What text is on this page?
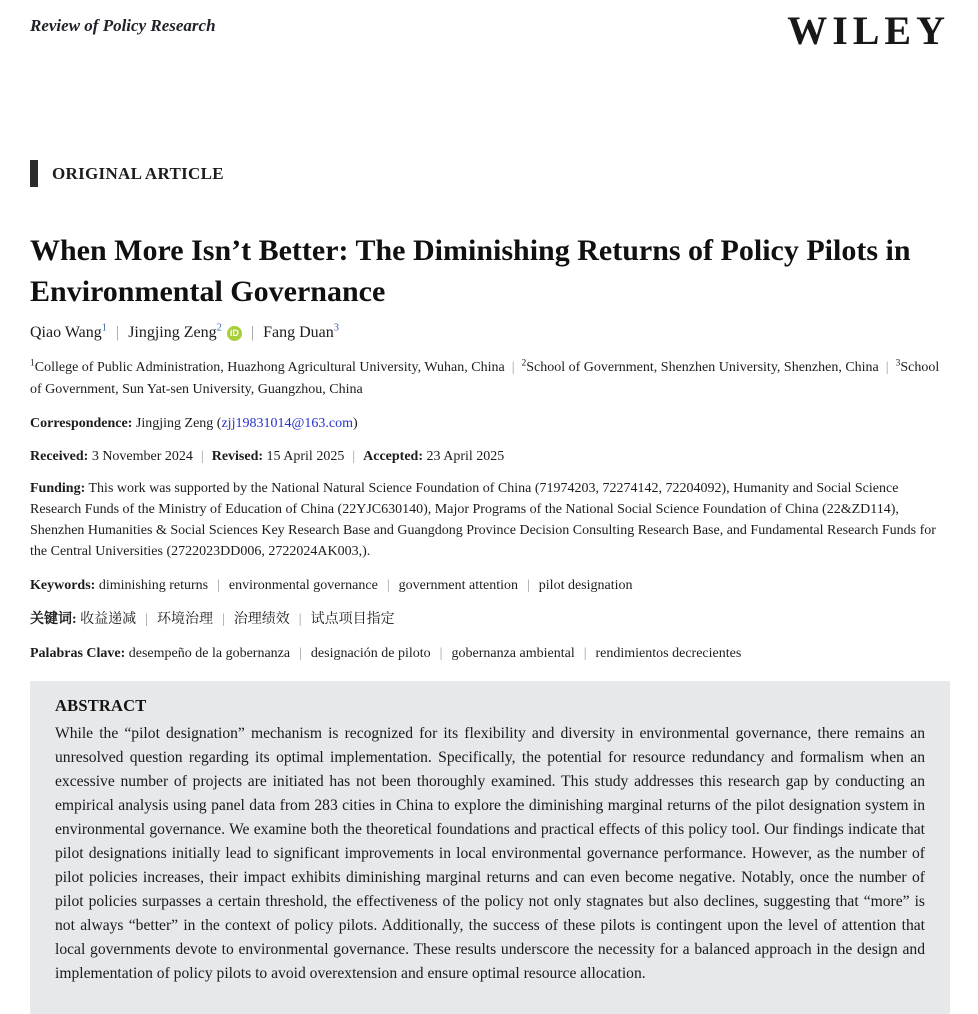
Review of Policy Research	WILEY
ORIGINAL ARTICLE
When More Isn’t Better: The Diminishing Returns of Policy Pilots in Environmental Governance
Qiao Wang$^1$ | Jingjing Zeng$^2$ iD | Fang Duan$^3$

$^1$College of Public Administration, Huazhong Agricultural University, Wuhan, China | $^2$School of Government, Shenzhen University, Shenzhen, China | $^3$School of Government, Sun Yat-sen University, Guangzhou, China

Correspondence: Jingjing Zeng (zjj19831014@163.com)

Received: 3 November 2024 | Revised: 15 April 2025 | Accepted: 23 April 2025

Funding: This work was supported by the National Natural Science Foundation of China (71974203, 72274142, 72204092), Humanity and Social Science Research Funds of the Ministry of Education of China (22YJC630140), Major Programs of the National Social Science Foundation of China (22&ZD114), Shenzhen Humanities & Social Sciences Key Research Base and Guangdong Province Decision Consulting Research Base, and Fundamental Research Funds for the Central Universities (2722023DD006, 2722024AK003,).

Keywords: diminishing returns | environmental governance | government attention | pilot designation

关键词: 收益递减 | 环境治理 | 治理绩效 | 试点项目指定

Palabras Clave: desempeño de la gobernanza | designación de piloto | gobernanza ambiental | rendimientos decrecientes

ABSTRACT

While the “pilot designation” mechanism is recognized for its flexibility and diversity in environmental governance, there remains an unresolved question regarding its optimal implementation. Specifically, the potential for resource redundancy and formalism when an excessive number of projects are initiated has not been thoroughly examined. This study addresses this research gap by conducting an empirical analysis using panel data from 283 cities in China to explore the diminishing marginal returns of the pilot designation system in environmental governance. We examine both the theoretical foundations and practical effects of this policy tool. Our findings indicate that pilot designations initially lead to significant improvements in local environmental governance performance. However, as the number of pilot policies increases, their impact exhibits diminishing marginal returns and can even become negative. Notably, once the number of pilot policies surpasses a certain threshold, the effectiveness of the policy not only stagnates but also declines, suggesting that “more” is not always “better” in the context of policy pilots. Additionally, the success of these pilots is contingent upon the level of attention that local governments devote to environmental governance. These results underscore the necessity for a balanced approach in the design and implementation of policy pilots to avoid overextension and ensure optimal resource allocation.
